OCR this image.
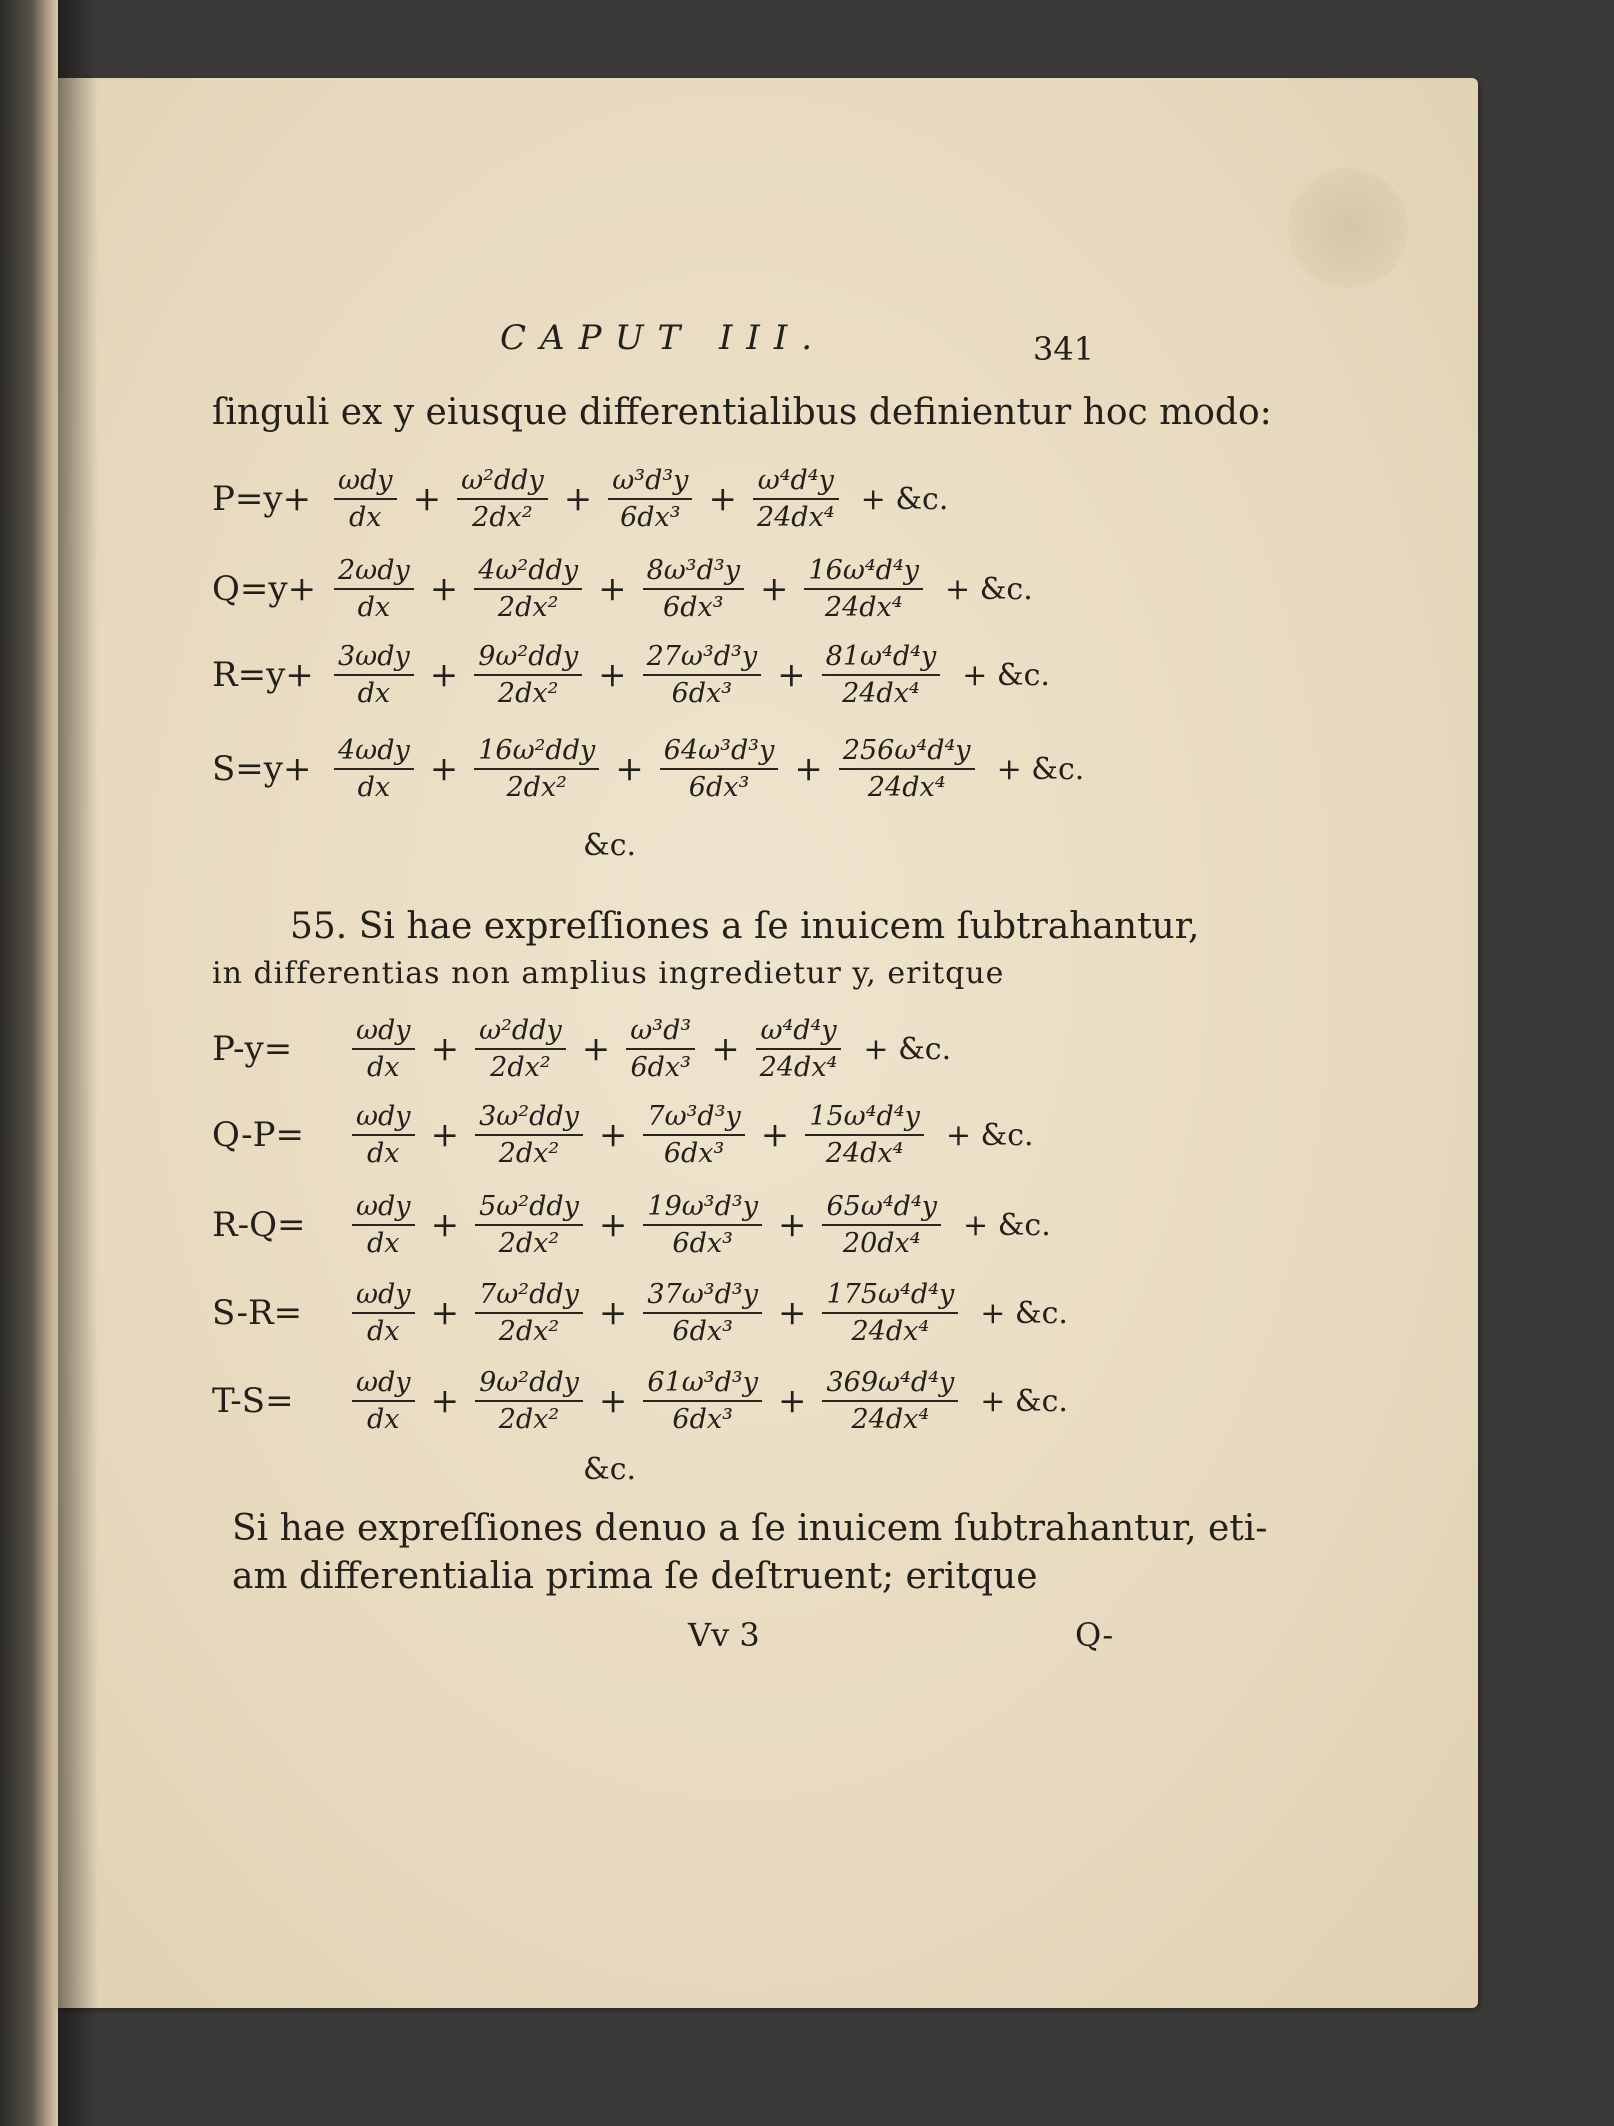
CAPUT III.	341
ſinguli ex y eiusque differentialibus definientur hoc modo:
$P=y+ \frac{\text{ωdy}}{dx} + \frac{\text{ω²ddy}}{\text{2dx²}} + \frac{\text{ω³d³y}}{\text{6dx³}} + \frac{\text{ω⁴d⁴y}}{\text{24dx⁴}}$ + &c.
$Q=y+ \frac{\text{2ωdy}}{dx} + \frac{\text{4ω²ddy}}{\text{2dx²}} + \frac{\text{8ω³d³y}}{\text{6dx³}} + \frac{\text{16ω⁴d⁴y}}{\text{24dx⁴}}$ + &c.
$R=y+ \frac{\text{3ωdy}}{dx} + \frac{\text{9ω²ddy}}{\text{2dx²}} + \frac{\text{27ω³d³y}}{\text{6dx³}} + \frac{\text{81ω⁴d⁴y}}{\text{24dx⁴}}$ + &c.
$S=y+ \frac{\text{4ωdy}}{dx} + \frac{\text{16ω²ddy}}{\text{2dx²}} + \frac{\text{64ω³d³y}}{\text{6dx³}} + \frac{\text{256ω⁴d⁴y}}{\text{24dx⁴}}$ + &c.
&c.
55. Si hae expreſſiones a ſe inuicem ſubtrahantur,
in differentias non amplius ingredietur y, eritque
P-y=	$\frac{\text{ωdy}}{dx} + \frac{\text{ω²ddy}}{\text{2dx²}} + \frac{\text{ω³d³}}{\text{6dx³}} + \frac{\text{ω⁴d⁴y}}{\text{24dx⁴}}$ + &c.
Q-P=	$\frac{\text{ωdy}}{dx} + \frac{\text{3ω²ddy}}{\text{2dx²}} + \frac{\text{7ω³d³y}}{\text{6dx³}} + \frac{\text{15ω⁴d⁴y}}{\text{24dx⁴}}$ + &c.
R-Q=	$\frac{\text{ωdy}}{dx} + \frac{\text{5ω²ddy}}{\text{2dx²}} + \frac{\text{19ω³d³y}}{\text{6dx³}} + \frac{\text{65ω⁴d⁴y}}{\text{20dx⁴}}$ + &c.
S-R=	$\frac{\text{ωdy}}{dx} + \frac{\text{7ω²ddy}}{\text{2dx²}} + \frac{\text{37ω³d³y}}{\text{6dx³}} + \frac{\text{175ω⁴d⁴y}}{\text{24dx⁴}}$ + &c.
T-S=	$\frac{\text{ωdy}}{dx} + \frac{\text{9ω²ddy}}{\text{2dx²}} + \frac{\text{61ω³d³y}}{\text{6dx³}} + \frac{\text{369ω⁴d⁴y}}{\text{24dx⁴}}$ + &c.
&c.
Si hae expreſſiones denuo a ſe inuicem ſubtrahantur, eti-
am differentialia prima ſe deſtruent; eritque
Vv 3	Q-
